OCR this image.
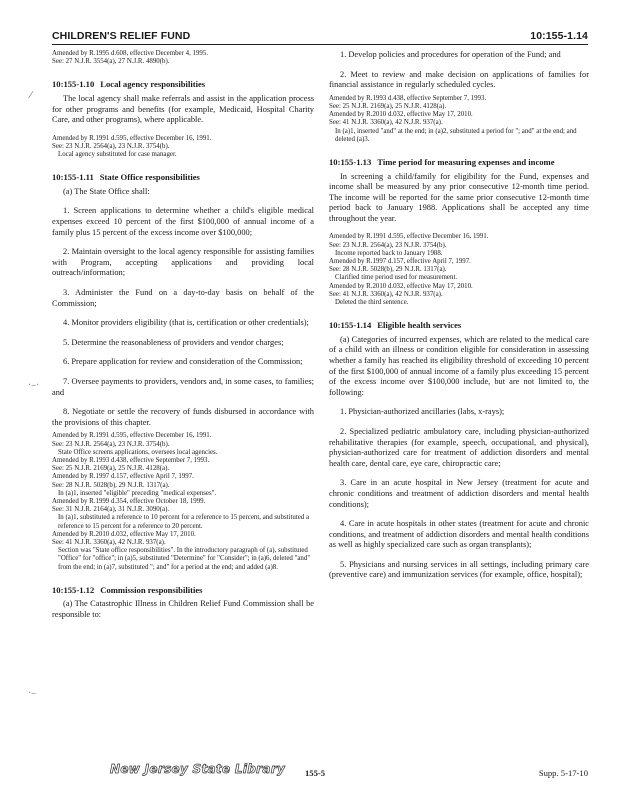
CHILDREN'S RELIEF FUND	10:155-1.14

Amended by R.1995 d.608, effective December 4, 1995.

See: 27 N.J.R. 3554(a), 27 N.J.R. 4890(b).

10:155-1.10 Local agency responsibilities

The local agency shall make referrals and assist in the application process for other programs and benefits (for example, Medicaid, Hospital Charity Care, and other programs), where applicable.

Amended by R.1991 d.595, effective December 16, 1991.

See: 23 N.J.R. 2564(a), 23 N.J.R. 3754(b).

Local agency substituted for case manager.

10:155-1.11 State Office responsibilities

(a) The State Office shall:

1. Screen applications to determine whether a child's eligible medical expenses exceed 10 percent of the first $100,000 of annual income of a family plus 15 percent of the excess income over $100,000;

2. Maintain oversight to the local agency responsible for assisting families with Program, accepting applications and providing local outreach/information;

3. Administer the Fund on a day-to-day basis on behalf of the Commission;

4. Monitor providers eligibility (that is, certification or other credentials);

5. Determine the reasonableness of providers and vendor charges;

6. Prepare application for review and consideration of the Commission;

7. Oversee payments to providers, vendors and, in some cases, to families; and

8. Negotiate or settle the recovery of funds disbursed in accordance with the provisions of this chapter.

Amended by R.1991 d.595, effective December 16, 1991.

See: 23 N.J.R. 2564(a), 23 N.J.R. 3754(b).

State Office screens applications, oversees local agencies.

Amended by R.1993 d.438, effective September 7, 1993.

See: 25 N.J.R. 2169(a), 25 N.J.R. 4128(a).

Amended by R.1997 d.157, effective April 7, 1997.

See: 28 N.J.R. 5028(b), 29 N.J.R. 1317(a).

In (a)1, inserted "eligible" preceding "medical expenses".

Amended by R.1999 d.354, effective October 18, 1999.

See: 31 N.J.R. 2164(a), 31 N.J.R. 3090(a).

In (a)1, substituted a reference to 10 percent for a reference to 15 percent, and substituted a reference to 15 percent for a reference to 20 percent.

Amended by R.2010 d.032, effective May 17, 2010.

See: 41 N.J.R. 3360(a), 42 N.J.R. 937(a).

Section was "State office responsibilities". In the introductory paragraph of (a), substituted "Office" for "office"; in (a)5, substituted "Determine" for "Consider"; in (a)6, deleted "and" from the end; in (a)7, substituted "; and" for a period at the end; and added (a)8.

10:155-1.12 Commission responsibilities

(a) The Catastrophic Illness in Children Relief Fund Commission shall be responsible to:

1. Develop policies and procedures for operation of the Fund; and

2. Meet to review and make decision on applications of families for financial assistance in regularly scheduled cycles.

Amended by R.1993 d.438, effective September 7, 1993.

See: 25 N.J.R. 2169(a), 25 N.J.R. 4128(a).

Amended by R.2010 d.032, effective May 17, 2010.

See: 41 N.J.R. 3360(a), 42 N.J.R. 937(a).

In (a)1, inserted "and" at the end; in (a)2, substituted a period for "; and" at the end; and deleted (a)3.

10:155-1.13 Time period for measuring expenses and income

In screening a child/family for eligibility for the Fund, expenses and income shall be measured by any prior consecutive 12-month time period. The income will be reported for the same prior consecutive 12-month time period back to January 1988. Applications shall be accepted any time throughout the year.

Amended by R.1991 d.595, effective December 16, 1991.

See: 23 N.J.R. 2564(a), 23 N.J.R. 3754(b).

Income reported back to January 1988.

Amended by R.1997 d.157, effective April 7, 1997.

See: 28 N.J.R. 5028(b), 29 N.J.R. 1317(a).

Clarified time period used for measurement.

Amended by R.2010 d.032, effective May 17, 2010.

See: 41 N.J.R. 3360(a), 42 N.J.R. 937(a).

Deleted the third sentence.

10:155-1.14 Eligible health services

(a) Categories of incurred expenses, which are related to the medical care of a child with an illness or condition eligible for consideration in assessing whether a family has reached its eligibility threshold of exceeding 10 percent of the first $100,000 of annual income of a family plus exceeding 15 percent of the excess income over $100,000 include, but are not limited to, the following:

1. Physician-authorized ancillaries (labs, x-rays);

2. Specialized pediatric ambulatory care, including physician-authorized rehabilitative therapies (for example, speech, occupational, and physical), physician-authorized care for treatment of addiction disorders and mental health care, dental care, eye care, chiropractic care;

3. Care in an acute hospital in New Jersey (treatment for acute and chronic conditions and treatment of addiction disorders and mental health conditions);

4. Care in acute hospitals in other states (treatment for acute and chronic conditions, and treatment of addiction disorders and mental health conditions as well as highly specialized care such as organ transplants);

5. Physicians and nursing services in all settings, including primary care (preventive care) and immunization services (for example, office, hospital);

⁄
·–·
·–
New Jersey State Library 155-5	Supp. 5-17-10
